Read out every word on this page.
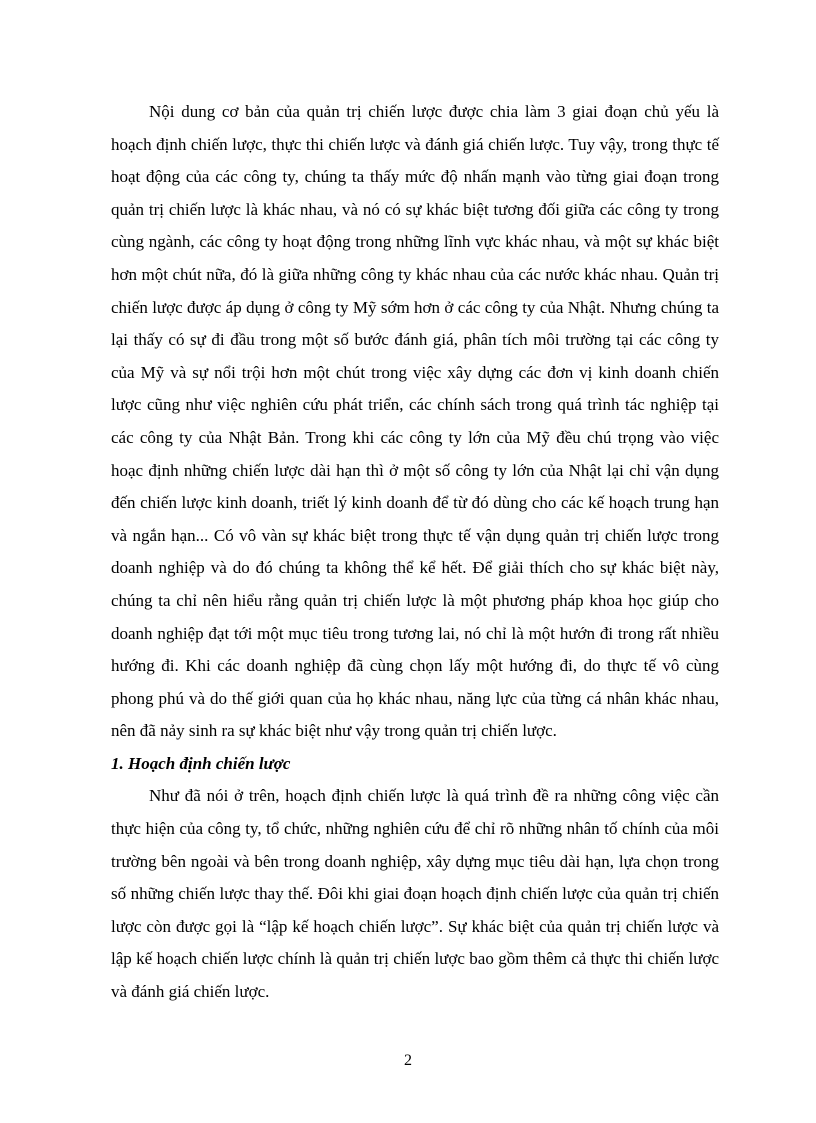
Nội dung cơ bản của quản trị chiến lược được chia làm 3 giai đoạn chủ yếu là hoạch định chiến lược, thực thi chiến lược và đánh giá chiến lược. Tuy vậy, trong thực tế hoạt động của các công ty, chúng ta thấy mức độ nhấn mạnh vào từng giai đoạn trong quản trị chiến lược là khác nhau, và nó có sự khác biệt tương đối giữa các công ty trong cùng ngành, các công ty hoạt động trong những lĩnh vực khác nhau, và một sự khác biệt hơn một chút nữa, đó là giữa những công ty khác nhau của các nước khác nhau. Quản trị chiến lược được áp dụng ở công ty Mỹ sớm hơn ở các công ty của Nhật. Nhưng chúng ta lại thấy có sự đi đầu trong một số bước đánh giá, phân tích môi trường tại các công ty của Mỹ và sự nổi trội hơn một chút trong việc xây dựng các đơn vị kinh doanh chiến lược cũng như việc nghiên cứu phát triển, các chính sách trong quá trình tác nghiệp tại các công ty của Nhật Bản. Trong khi các công ty lớn của Mỹ đều chú trọng vào việc hoạc định những chiến lược dài hạn thì ở một số công ty lớn của Nhật lại chỉ vận dụng đến chiến lược kinh doanh, triết lý kinh doanh để từ đó dùng cho các kế hoạch trung hạn và ngắn hạn... Có vô vàn sự khác biệt trong thực tế vận dụng quản trị chiến lược trong doanh nghiệp và do đó chúng ta không thể kể hết. Để giải thích cho sự khác biệt này, chúng ta chỉ nên hiểu rằng quản trị chiến lược là một phương pháp khoa học giúp cho doanh nghiệp đạt tới một mục tiêu trong tương lai, nó chỉ là một hướn đi trong rất nhiều hướng đi. Khi các doanh nghiệp đã cùng chọn lấy một hướng đi, do thực tế vô cùng phong phú và do thế giới quan của họ khác nhau, năng lực của từng cá nhân khác nhau, nên đã nảy sinh ra sự khác biệt như vậy trong quản trị chiến lược.

1. Hoạch định chiến lược

Như đã nói ở trên, hoạch định chiến lược là quá trình đề ra những công việc cần thực hiện của công ty, tổ chức, những nghiên cứu để chỉ rõ những nhân tố chính của môi trường bên ngoài và bên trong doanh nghiệp, xây dựng mục tiêu dài hạn, lựa chọn trong số những chiến lược thay thế. Đôi khi giai đoạn hoạch định chiến lược của quản trị chiến lược còn được gọi là “lập kế hoạch chiến lược”. Sự khác biệt của quản trị chiến lược và lập kế hoạch chiến lược chính là quản trị chiến lược bao gồm thêm cả thực thi chiến lược và đánh giá chiến lược.

2
